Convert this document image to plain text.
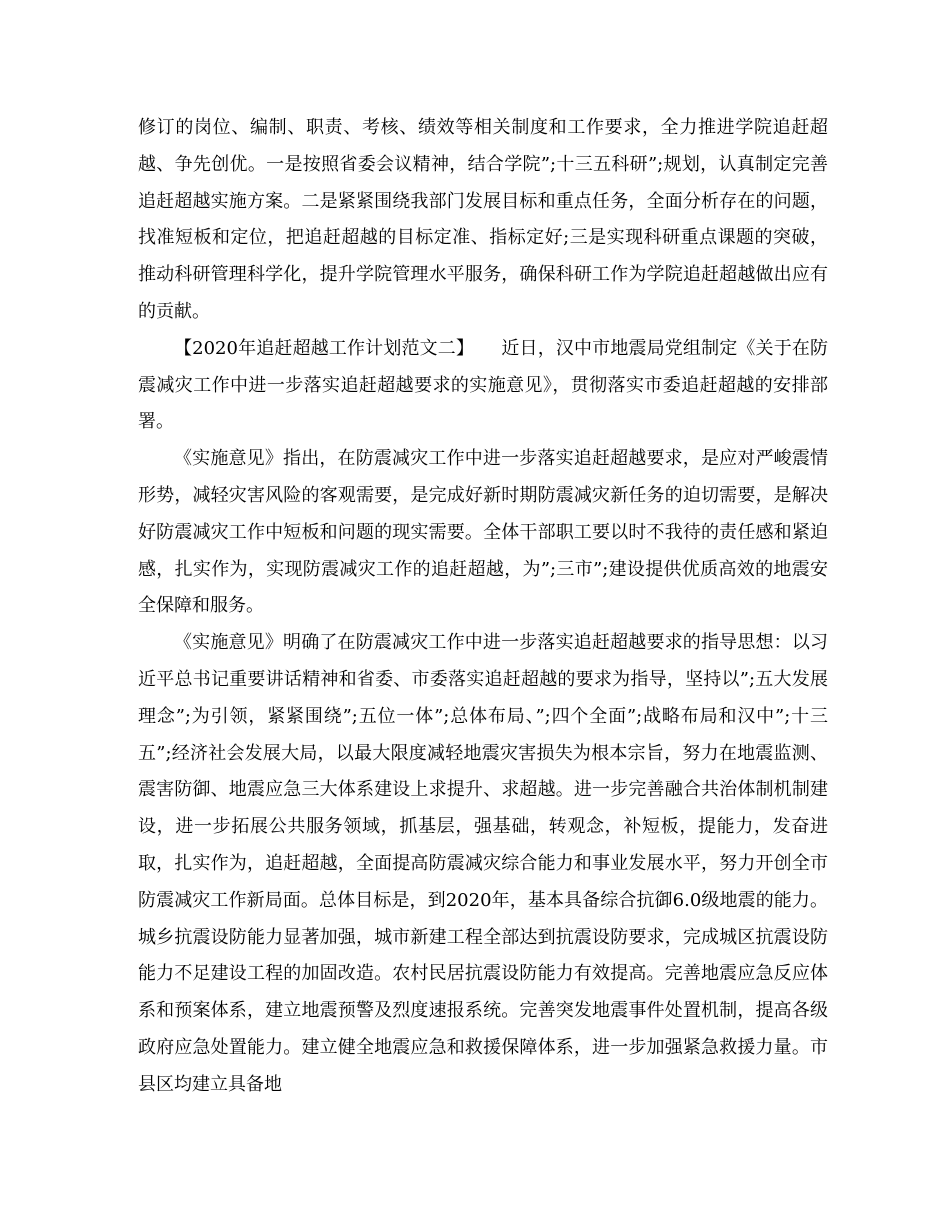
修订的岗位、编制、职责、考核、绩效等相关制度和工作要求，全力推进学院追赶超越、争先创优。一是按照省委会议精神，结合学院”;十三五科研”;规划，认真制定完善追赶超越实施方案。二是紧紧围绕我部门发展目标和重点任务，全面分析存在的问题，找准短板和定位，把追赶超越的目标定准、指标定好;三是实现科研重点课题的突破，推动科研管理科学化，提升学院管理水平服务，确保科研工作为学院追赶超越做出应有的贡献。

【2020年追赶超越工作计划范文二】　　近日，汉中市地震局党组制定《关于在防震减灾工作中进一步落实追赶超越要求的实施意见》，贯彻落实市委追赶超越的安排部署。

《实施意见》指出，在防震减灾工作中进一步落实追赶超越要求，是应对严峻震情形势，减轻灾害风险的客观需要，是完成好新时期防震减灾新任务的迫切需要，是解决好防震减灾工作中短板和问题的现实需要。全体干部职工要以时不我待的责任感和紧迫感，扎实作为，实现防震减灾工作的追赶超越，为”;三市”;建设提供优质高效的地震安全保障和服务。

《实施意见》明确了在防震减灾工作中进一步落实追赶超越要求的指导思想：以习近平总书记重要讲话精神和省委、市委落实追赶超越的要求为指导，坚持以”;五大发展理念”;为引领，紧紧围绕”;五位一体”;总体布局、”;四个全面”;战略布局和汉中”;十三五”;经济社会发展大局，以最大限度减轻地震灾害损失为根本宗旨，努力在地震监测、震害防御、地震应急三大体系建设上求提升、求超越。进一步完善融合共治体制机制建设，进一步拓展公共服务领域，抓基层，强基础，转观念，补短板，提能力，发奋进取，扎实作为，追赶超越，全面提高防震减灾综合能力和事业发展水平，努力开创全市防震减灾工作新局面。总体目标是，到2020年，基本具备综合抗御6.0级地震的能力。城乡抗震设防能力显著加强，城市新建工程全部达到抗震设防要求，完成城区抗震设防能力不足建设工程的加固改造。农村民居抗震设防能力有效提高。完善地震应急反应体系和预案体系，建立地震预警及烈度速报系统。完善突发地震事件处置机制，提高各级政府应急处置能力。建立健全地震应急和救援保障体系，进一步加强紧急救援力量。市县区均建立具备地
